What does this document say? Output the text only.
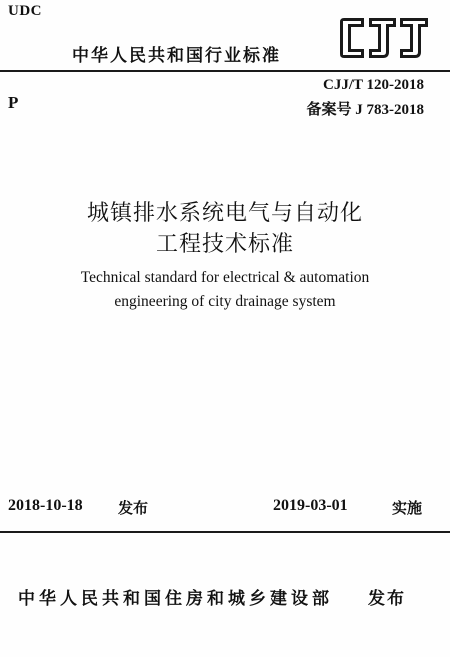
UDC
中华人民共和国行业标准
P
CJJ/T 120-2018
备案号 J 783-2018
城镇排水系统电气与自动化
工程技术标准
Technical standard for electrical & automation
engineering of city drainage system
2018-10-18 发布	2019-03-01	实施
中华人民共和国住房和城乡建设部 发布
